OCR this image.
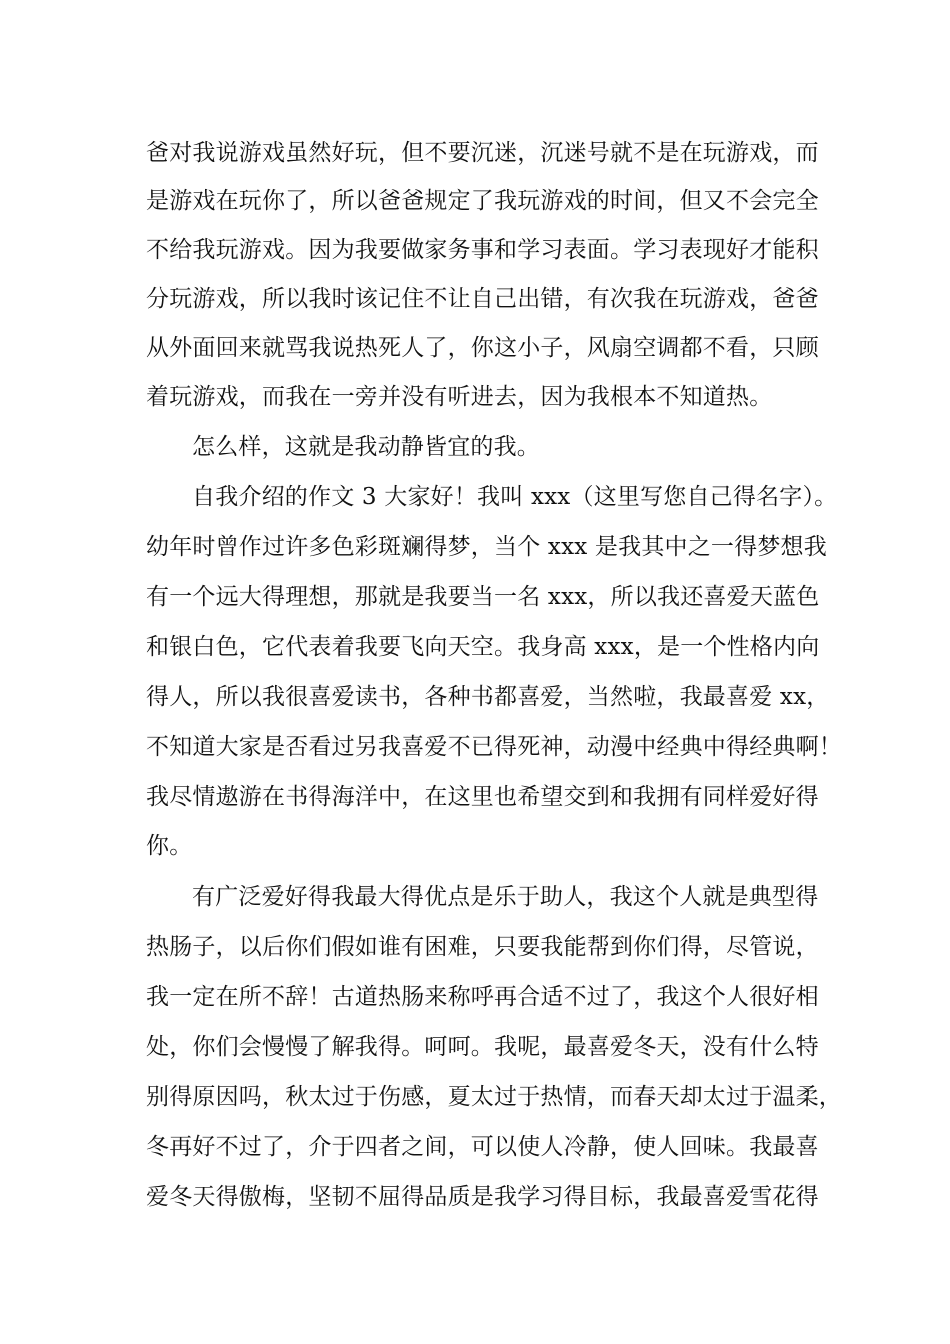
爸对我说游戏虽然好玩，但不要沉迷，沉迷号就不是在玩游戏，而
是游戏在玩你了，所以爸爸规定了我玩游戏的时间，但又不会完全
不给我玩游戏。因为我要做家务事和学习表面。学习表现好才能积
分玩游戏，所以我时该记住不让自己出错，有次我在玩游戏，爸爸
从外面回来就骂我说热死人了，你这小子，风扇空调都不看，只顾
着玩游戏，而我在一旁并没有听进去，因为我根本不知道热。
怎么样，这就是我动静皆宜的我。
自我介绍的作文 3 大家好！我叫 xxx（这里写您自己得名字）。
幼年时曾作过许多色彩斑斓得梦，当个 xxx 是我其中之一得梦想我
有一个远大得理想，那就是我要当一名 xxx，所以我还喜爱天蓝色
和银白色，它代表着我要飞向天空。我身高 xxx，是一个性格内向
得人，所以我很喜爱读书，各种书都喜爱，当然啦，我最喜爱 xx，
不知道大家是否看过另我喜爱不已得死神，动漫中经典中得经典啊！
我尽情遨游在书得海洋中，在这里也希望交到和我拥有同样爱好得
你。
有广泛爱好得我最大得优点是乐于助人，我这个人就是典型得
热肠子，以后你们假如谁有困难，只要我能帮到你们得，尽管说，
我一定在所不辞！古道热肠来称呼再合适不过了，我这个人很好相
处，你们会慢慢了解我得。呵呵。我呢，最喜爱冬天，没有什么特
别得原因吗，秋太过于伤感，夏太过于热情，而春天却太过于温柔，
冬再好不过了，介于四者之间，可以使人冷静，使人回味。我最喜
爱冬天得傲梅，坚韧不屈得品质是我学习得目标，我最喜爱雪花得
